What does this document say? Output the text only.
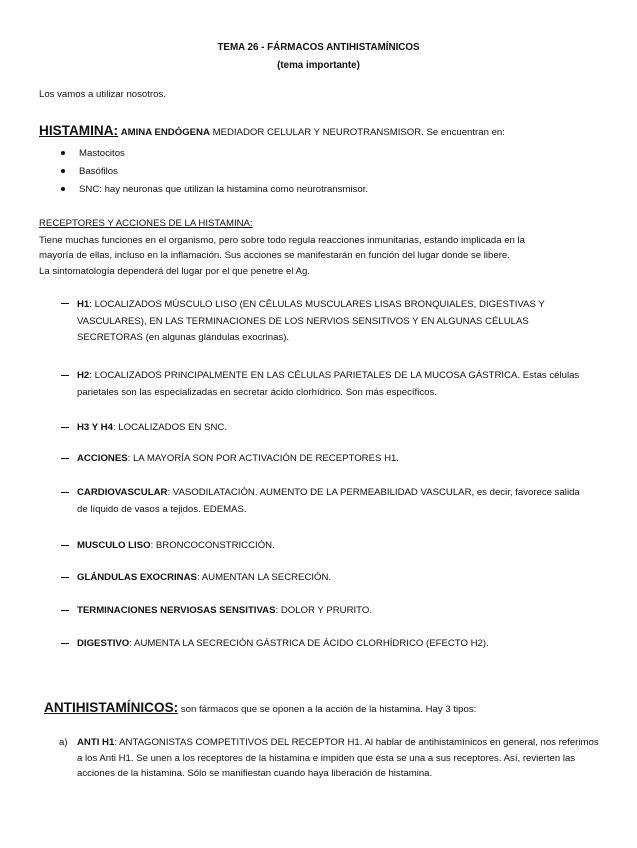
TEMA 26 - FÁRMACOS ANTIHISTAMÍNICOS
(tema importante)
Los vamos a utilizar nosotros.
HISTAMINA: AMINA ENDÓGENA MEDIADOR CELULAR Y NEUROTRANSMISOR. Se encuentran en:
Mastocitos
Basófilos
SNC: hay neuronas que utilizan la histamina como neurotransmisor.
RECEPTORES Y ACCIONES DE LA HISTAMINA:
Tiene muchas funciones en el organismo, pero sobre todo regula reacciones inmunitarias, estando implicada en la
mayoría de ellas, incluso en la inflamación. Sus acciones se manifestarán en función del lugar donde se libere.
La sintomatología dependerá del lugar por el que penetre el Ag.
H1: LOCALIZADOS MÚSCULO LISO (EN CÉLULAS MUSCULARES LISAS BRONQUIALES, DIGESTIVAS Y VASCULARES), EN LAS TERMINACIONES DE LOS NERVIOS SENSITIVOS Y EN ALGUNAS CÉLULAS SECRETORAS (en algunas glándulas exocrinas).
H2: LOCALIZADOS PRINCIPALMENTE EN LAS CÉLULAS PARIETALES DE LA MUCOSA GÁSTRICA. Estas células parietales son las especializadas en secretar ácido clorhídrico. Son más específicos.
H3 Y H4: LOCALIZADOS EN SNC.
ACCIONES: LA MAYORÍA SON POR ACTIVACIÓN DE RECEPTORES H1.
CARDIOVASCULAR: VASODILATACIÓN. AUMENTO DE LA PERMEABILIDAD VASCULAR, es decir, favorece salida de líquido de vasos a tejidos. EDEMAS.
MUSCULO LISO: BRONCOCONSTRICCIÓN.
GLÁNDULAS EXOCRINAS: AUMENTAN LA SECRECIÓN.
TERMINACIONES NERVIOSAS SENSITIVAS: DOLOR Y PRURITO.
DIGESTIVO: AUMENTA LA SECRECIÓN GÁSTRICA DE ÁCIDO CLORHÍDRICO (EFECTO H2).
ANTIHISTAMÍNICOS: son fármacos que se oponen a la acción de la histamina. Hay 3 tipos:
a) ANTI H1: ANTAGONISTAS COMPETITIVOS DEL RECEPTOR H1. Al hablar de antihistamínicos en general, nos referimos a los Anti H1. Se unen a los receptores de la histamina e impiden que ésta se una a sus receptores. Así, revierten las acciones de la histamina. Sólo se manifiestan cuando haya liberación de histamina.
